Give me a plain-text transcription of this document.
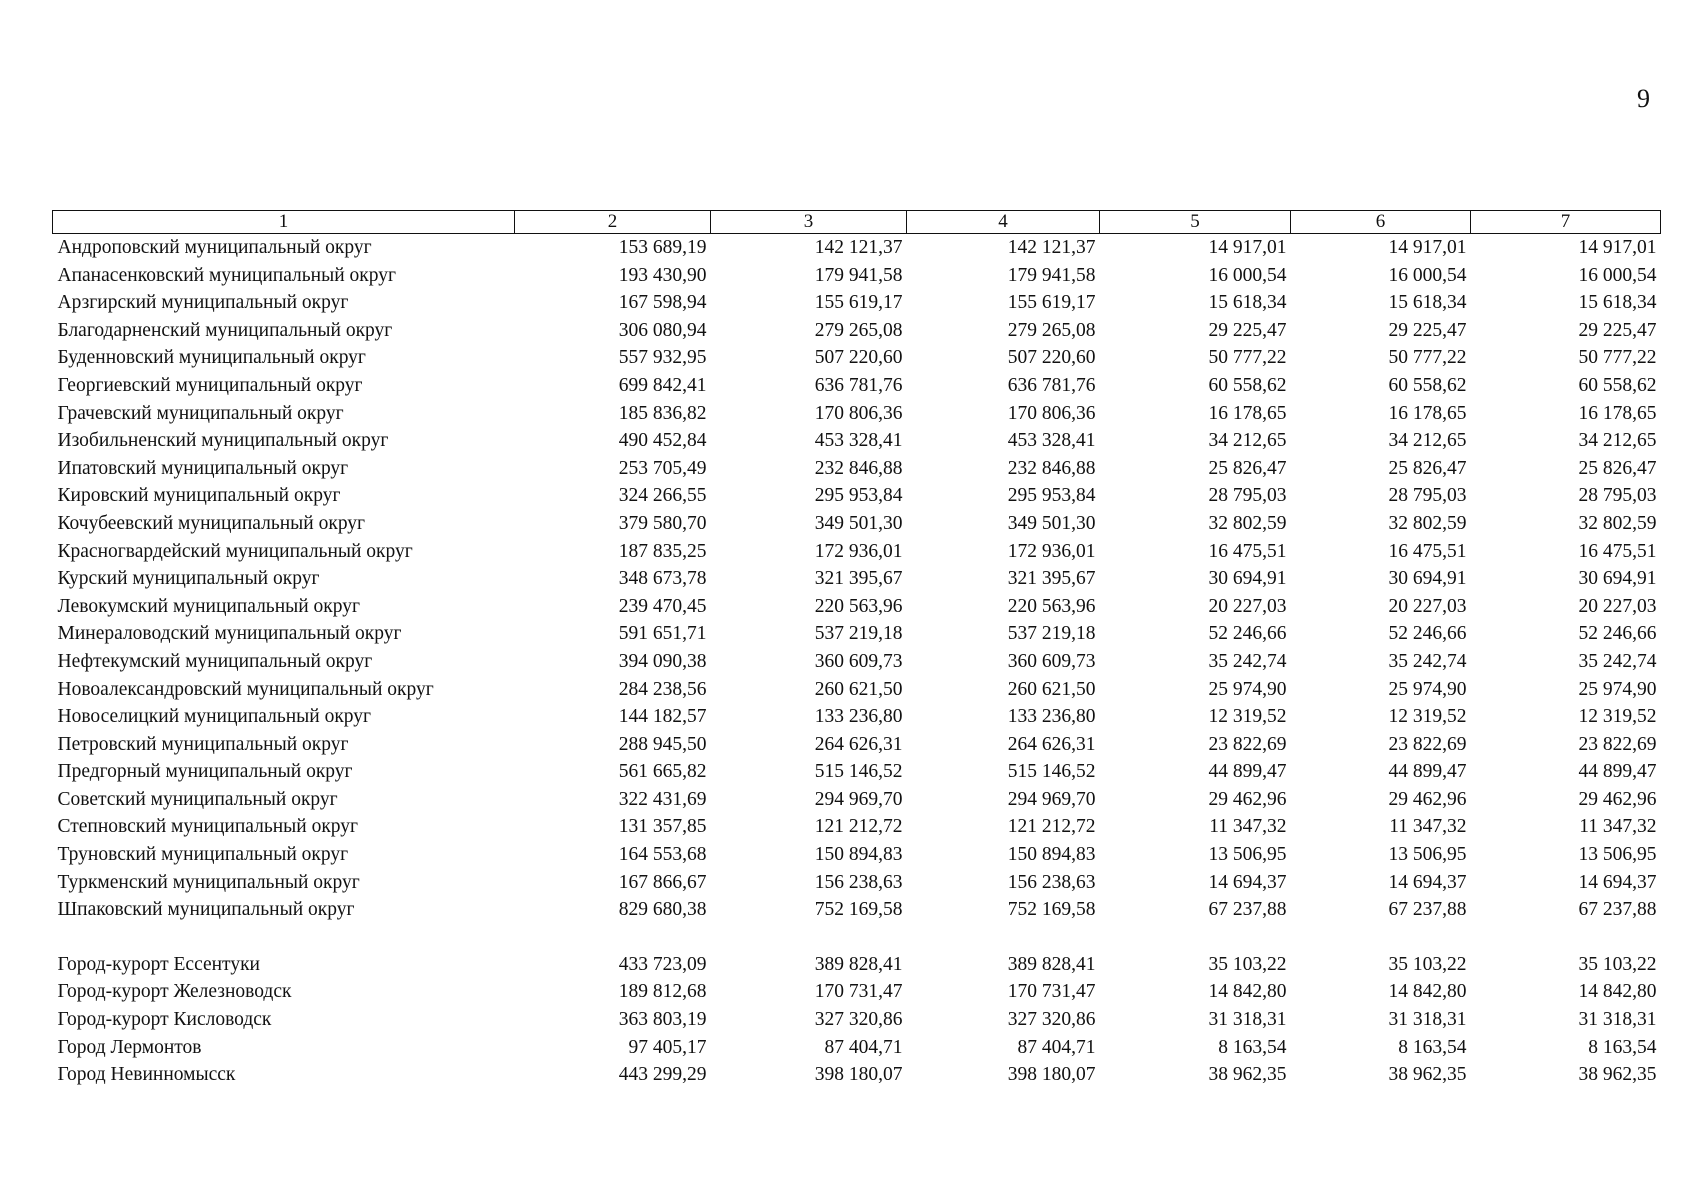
9
1	2	3	4	5	6	7
Андроповский муниципальный округ	153 689,19	142 121,37	142 121,37	14 917,01	14 917,01	14 917,01
Апанасенковский муниципальный округ	193 430,90	179 941,58	179 941,58	16 000,54	16 000,54	16 000,54
Арзгирский муниципальный округ	167 598,94	155 619,17	155 619,17	15 618,34	15 618,34	15 618,34
Благодарненский муниципальный округ	306 080,94	279 265,08	279 265,08	29 225,47	29 225,47	29 225,47
Буденновский муниципальный округ	557 932,95	507 220,60	507 220,60	50 777,22	50 777,22	50 777,22
Георгиевский муниципальный округ	699 842,41	636 781,76	636 781,76	60 558,62	60 558,62	60 558,62
Грачевский муниципальный округ	185 836,82	170 806,36	170 806,36	16 178,65	16 178,65	16 178,65
Изобильненский муниципальный округ	490 452,84	453 328,41	453 328,41	34 212,65	34 212,65	34 212,65
Ипатовский муниципальный округ	253 705,49	232 846,88	232 846,88	25 826,47	25 826,47	25 826,47
Кировский муниципальный округ	324 266,55	295 953,84	295 953,84	28 795,03	28 795,03	28 795,03
Кочубеевский муниципальный округ	379 580,70	349 501,30	349 501,30	32 802,59	32 802,59	32 802,59
Красногвардейский муниципальный округ	187 835,25	172 936,01	172 936,01	16 475,51	16 475,51	16 475,51
Курский муниципальный округ	348 673,78	321 395,67	321 395,67	30 694,91	30 694,91	30 694,91
Левокумский муниципальный округ	239 470,45	220 563,96	220 563,96	20 227,03	20 227,03	20 227,03
Минераловодский муниципальный округ	591 651,71	537 219,18	537 219,18	52 246,66	52 246,66	52 246,66
Нефтекумский муниципальный округ	394 090,38	360 609,73	360 609,73	35 242,74	35 242,74	35 242,74
Новоалександровский муниципальный округ	284 238,56	260 621,50	260 621,50	25 974,90	25 974,90	25 974,90
Новоселицкий муниципальный округ	144 182,57	133 236,80	133 236,80	12 319,52	12 319,52	12 319,52
Петровский муниципальный округ	288 945,50	264 626,31	264 626,31	23 822,69	23 822,69	23 822,69
Предгорный муниципальный округ	561 665,82	515 146,52	515 146,52	44 899,47	44 899,47	44 899,47
Советский муниципальный округ	322 431,69	294 969,70	294 969,70	29 462,96	29 462,96	29 462,96
Степновский муниципальный округ	131 357,85	121 212,72	121 212,72	11 347,32	11 347,32	11 347,32
Труновский муниципальный округ	164 553,68	150 894,83	150 894,83	13 506,95	13 506,95	13 506,95
Туркменский муниципальный округ	167 866,67	156 238,63	156 238,63	14 694,37	14 694,37	14 694,37
Шпаковский муниципальный округ	829 680,38	752 169,58	752 169,58	67 237,88	67 237,88	67 237,88

Город-курорт Ессентуки	433 723,09	389 828,41	389 828,41	35 103,22	35 103,22	35 103,22
Город-курорт Железноводск	189 812,68	170 731,47	170 731,47	14 842,80	14 842,80	14 842,80
Город-курорт Кисловодск	363 803,19	327 320,86	327 320,86	31 318,31	31 318,31	31 318,31
Город Лермонтов	97 405,17	87 404,71	87 404,71	8 163,54	8 163,54	8 163,54
Город Невинномысск	443 299,29	398 180,07	398 180,07	38 962,35	38 962,35	38 962,35
